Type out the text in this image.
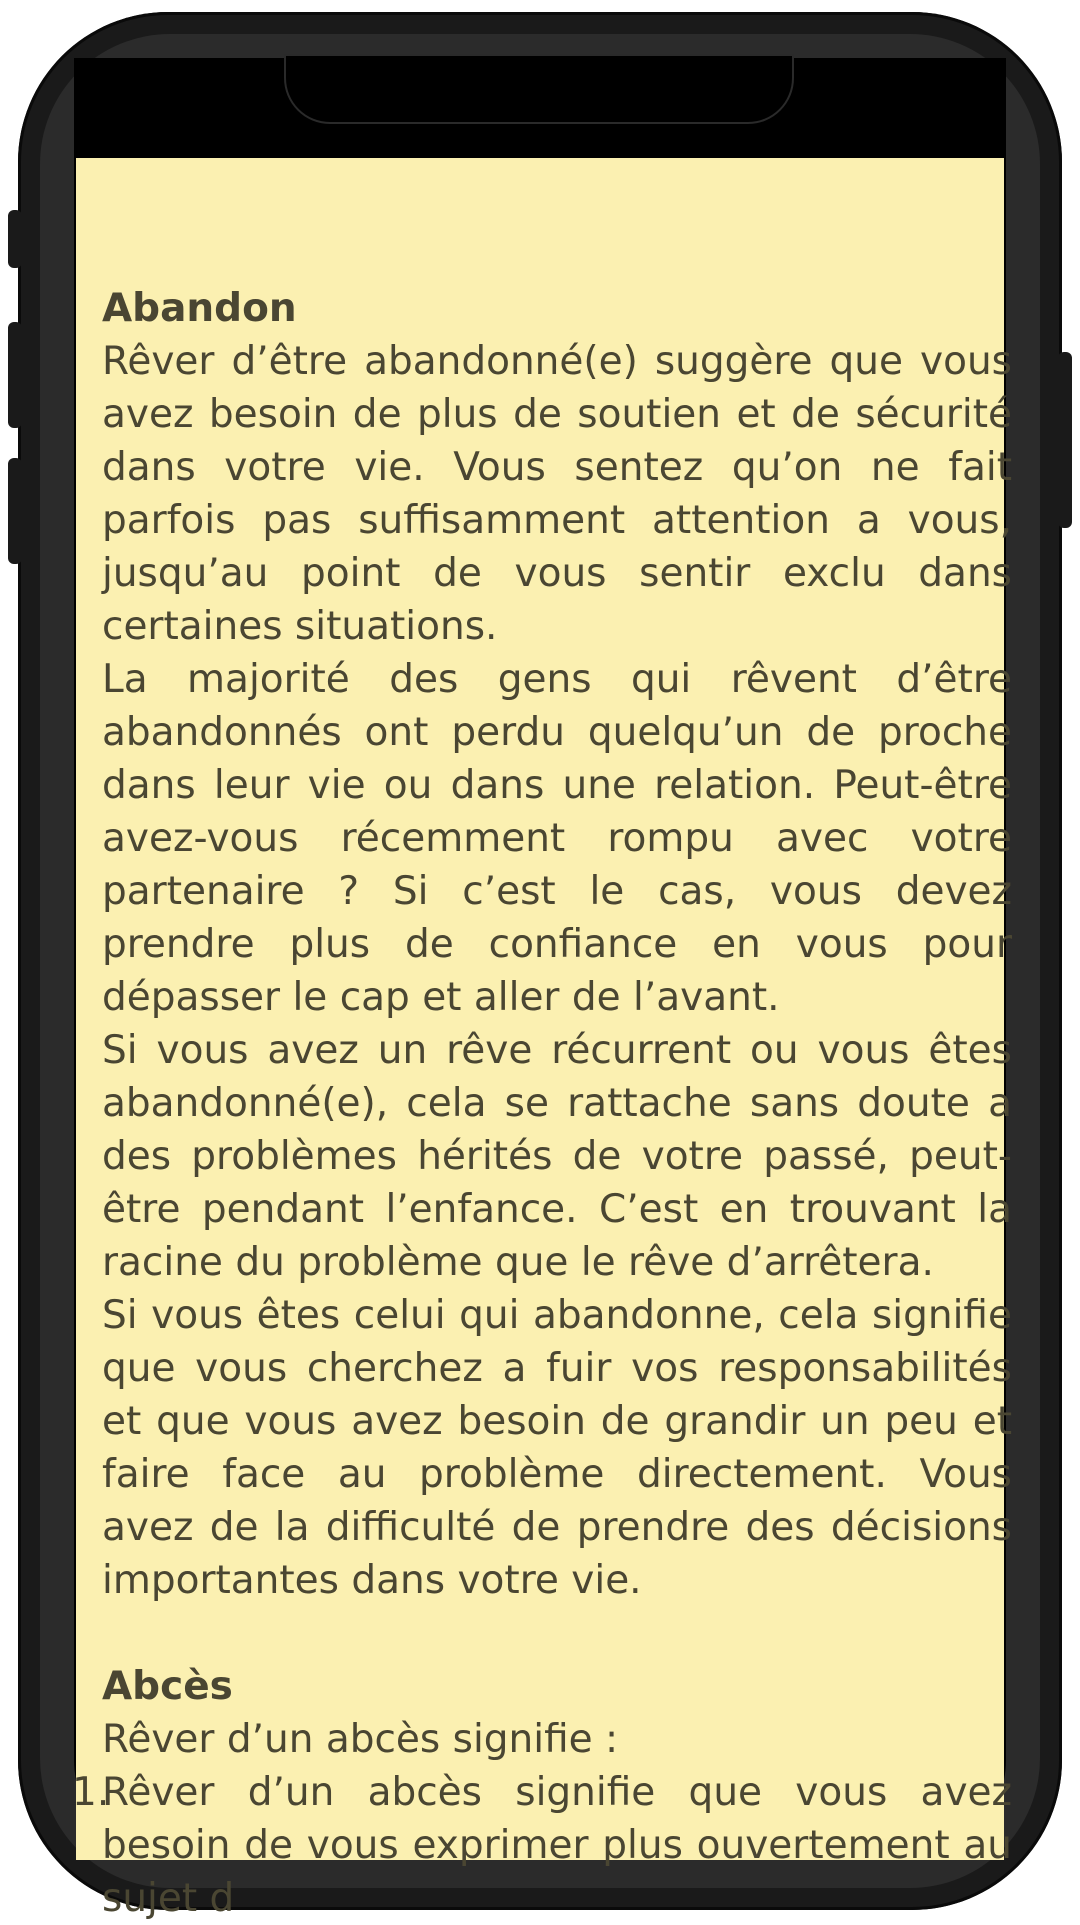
Abandon

Rêver d’être abandonné(e) suggère que vous avez besoin de plus de soutien et de sécurité dans votre vie. Vous sentez qu’on ne fait parfois pas suffisamment attention a vous, jusqu’au point de vous sentir exclu dans certaines situations.

La majorité des gens qui rêvent d’être abandonnés ont perdu quelqu’un de proche dans leur vie ou dans une relation. Peut-être avez-vous récemment rompu avec votre partenaire ? Si c’est le cas, vous devez prendre plus de confiance en vous pour dépasser le cap et aller de l’avant.

Si vous avez un rêve récurrent ou vous êtes abandonné(e), cela se rattache sans doute a des problèmes hérités de votre passé, peut-être pendant l’enfance. C’est en trouvant la racine du problème que le rêve d’arrêtera.

Si vous êtes celui qui abandonne, cela signifie que vous cherchez a fuir vos responsabilités et que vous avez besoin de grandir un peu et faire face au problème directement. Vous avez de la difficulté de prendre des décisions importantes dans votre vie.

Abcès

Rêver d’un abcès signifie :

1.
Rêver d’un abcès signifie que vous avez besoin de vous exprimer plus ouvertement au sujet d
